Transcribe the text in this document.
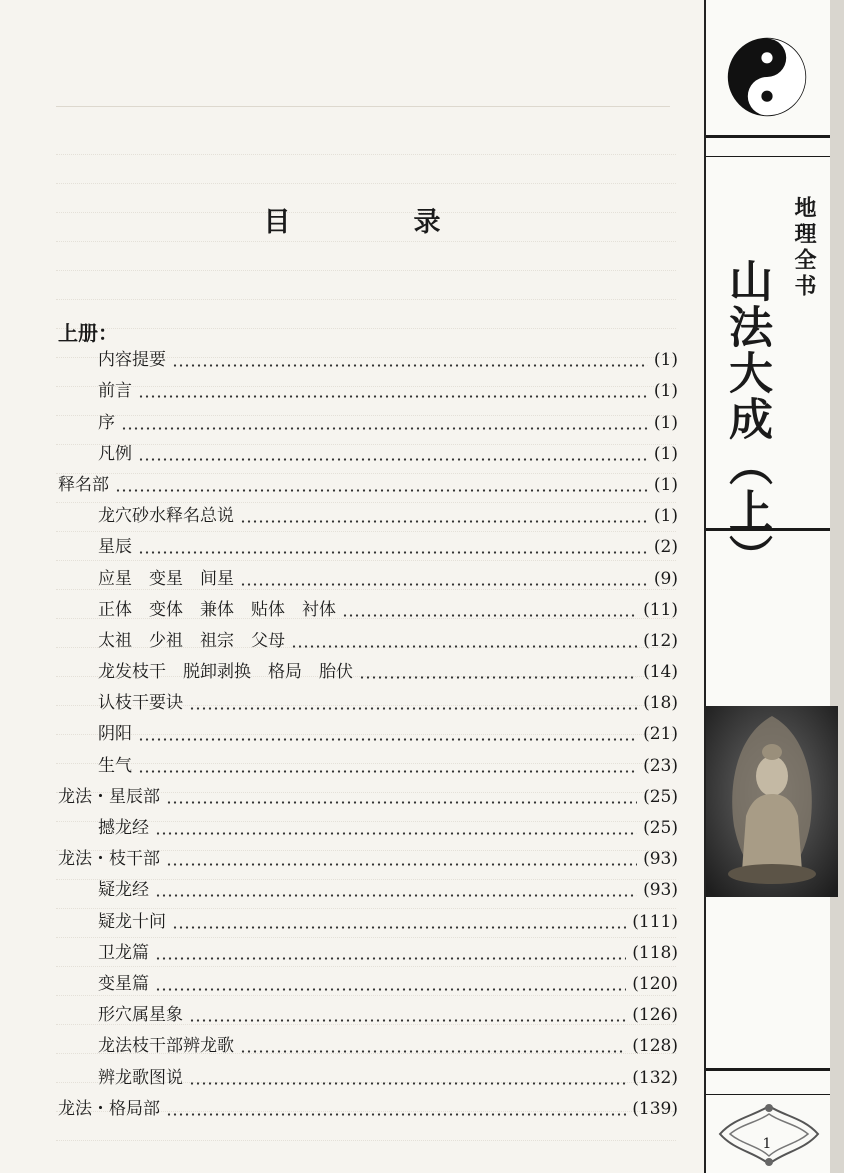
目　录
上册：
内容提要	(1)
前言	(1)
序	(1)
凡例	(1)
释名部	(1)
龙穴砂水释名总说	(1)
星辰	(2)
应星　变星　间星	(9)
正体　变体　兼体　贴体　衬体	(11)
太祖　少祖　祖宗　父母	(12)
龙发枝干　脱卸剥换　格局　胎伏	(14)
认枝干要诀	(18)
阴阳	(21)
生气	(23)
龙法・星辰部	(25)
撼龙经	(25)
龙法・枝干部	(93)
疑龙经	(93)
疑龙十问	(111)
卫龙篇	(118)
变星篇	(120)
形穴属星象	(126)
龙法枝干部辨龙歌	(128)
辨龙歌图说	(132)
龙法・格局部	(139)
地理全书
山法大成（上）
1
